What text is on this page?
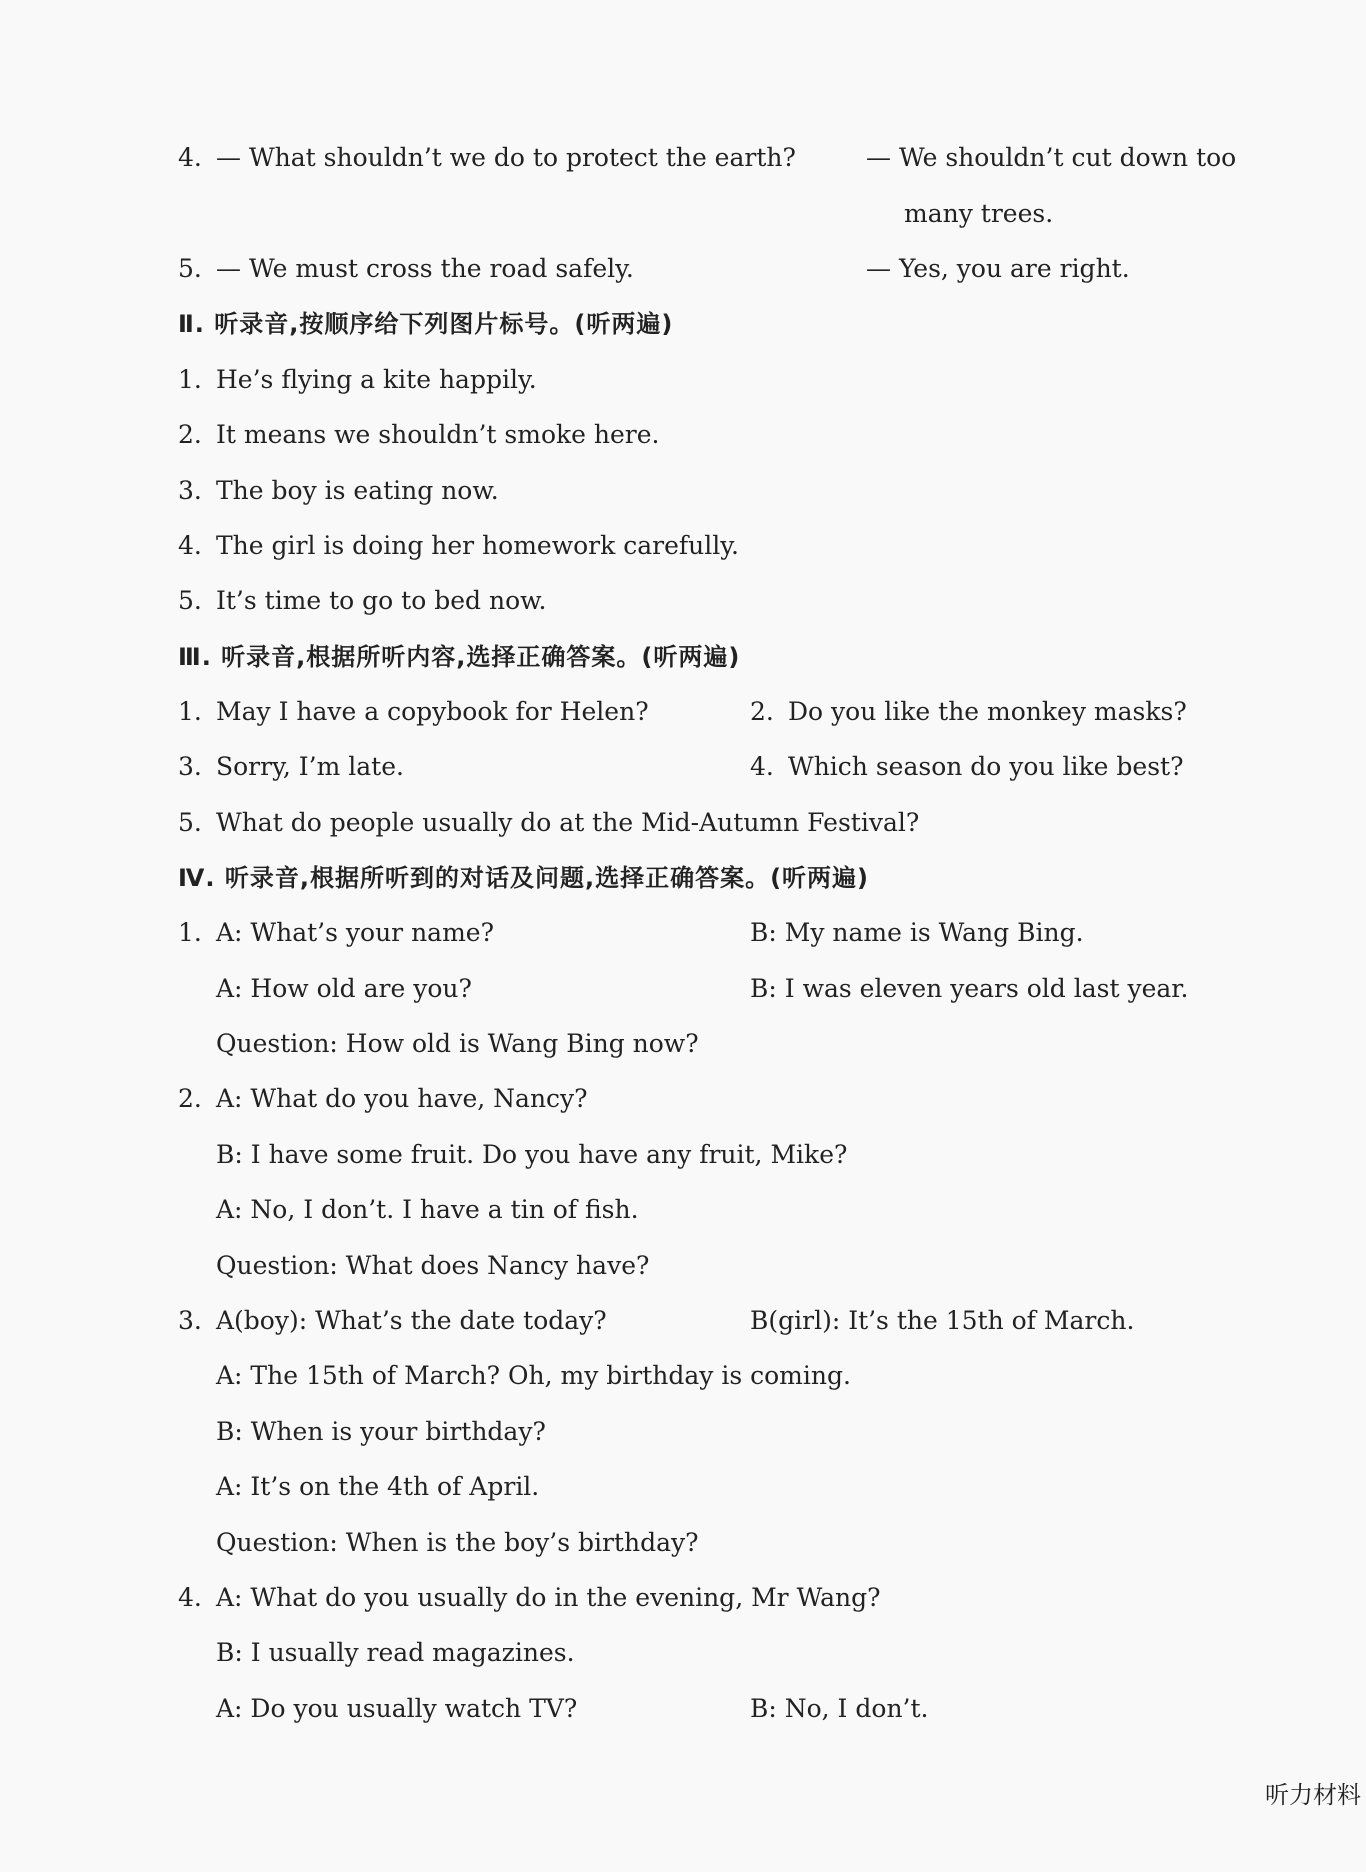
4. — What shouldn’t we do to protect the earth?	— We shouldn’t cut down too
many trees.
5. — We must cross the road safely.	— Yes, you are right.
Ⅱ. 听录音,按顺序给下列图片标号。(听两遍)
1. He’s flying a kite happily.
2. It means we shouldn’t smoke here.
3. The boy is eating now.
4. The girl is doing her homework carefully.
5. It’s time to go to bed now.
Ⅲ. 听录音,根据所听内容,选择正确答案。(听两遍)
1. May I have a copybook for Helen?	2. Do you like the monkey masks?
3. Sorry, I’m late.	4. Which season do you like best?
5. What do people usually do at the Mid-Autumn Festival?
Ⅳ. 听录音,根据所听到的对话及问题,选择正确答案。(听两遍)
1. A: What’s your name?	B: My name is Wang Bing.
A: How old are you?	B: I was eleven years old last year.
Question: How old is Wang Bing now?
2. A: What do you have, Nancy?
B: I have some fruit. Do you have any fruit, Mike?
A: No, I don’t. I have a tin of fish.
Question: What does Nancy have?
3. A(boy): What’s the date today?	B(girl): It’s the 15th of March.
A: The 15th of March? Oh, my birthday is coming.
B: When is your birthday?
A: It’s on the 4th of April.
Question: When is the boy’s birthday?
4. A: What do you usually do in the evening, Mr Wang?
B: I usually read magazines.
A: Do you usually watch TV?	B: No, I don’t.
听力材料
